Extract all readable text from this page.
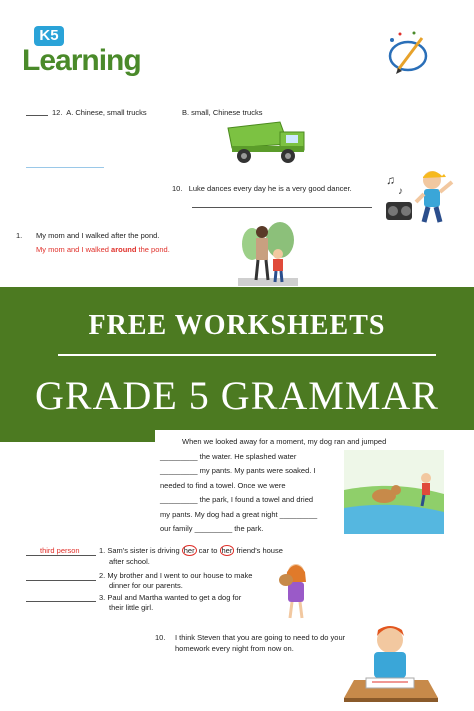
K5
Learning
12. A. Chinese, small trucks	B. small, Chinese trucks
10. Luke dances every day he is a very good dancer.
♫
♪
1. My mom and I walked after the pond.
My mom and I walked around the pond.
FREE WORKSHEETS
GRADE 5 GRAMMAR
When we looked away for a moment, my dog ran and jumped
_________ the water. He splashed water
_________ my pants. My pants were soaked. I
needed to find a towel. Once we were
_________ the park, I found a towel and dried
my pants. My dog had a great night _________
our family _________ the park.
third person	1. Sam's sister is driving her car to her friend's house
after school.
2. My brother and I went to our house to make
dinner for our parents.
3. Paul and Martha wanted to get a dog for
their little girl.
10. I think Steven that you are going to need to do your
homework every night from now on.
